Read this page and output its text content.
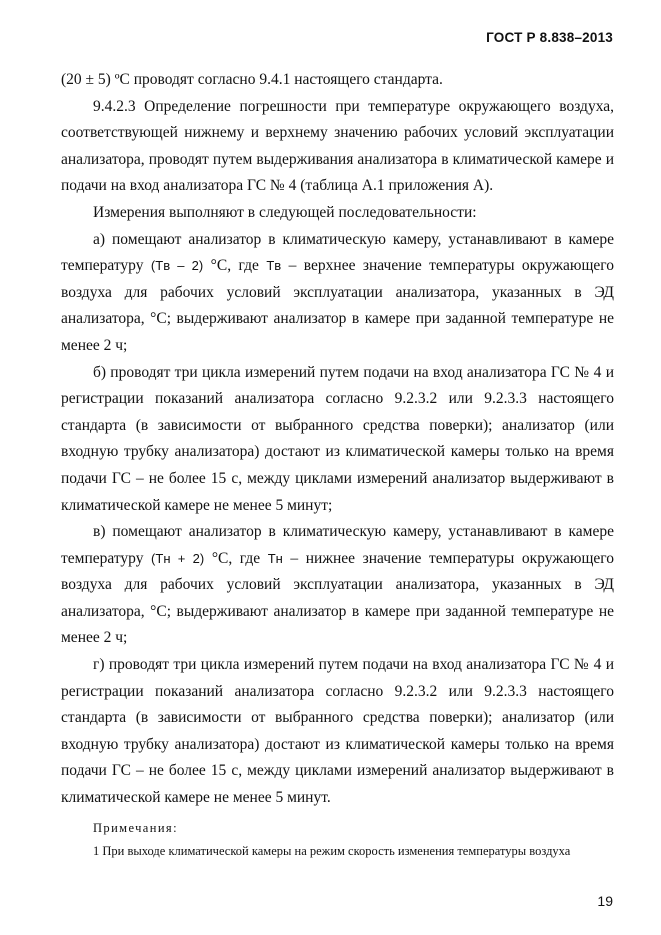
ГОСТ Р 8.838–2013

(20 ± 5) ºС проводят согласно 9.4.1 настоящего стандарта.

9.4.2.3 Определение погрешности при температуре окружающего воздуха, соответствующей нижнему и верхнему значению рабочих условий эксплуатации анализатора, проводят путем выдерживания анализатора в климатической камере и подачи на вход анализатора ГС № 4 (таблица А.1 приложения А).

Измерения выполняют в следующей последовательности:

а) помещают анализатор в климатическую камеру, устанавливают в камере температуру (Tв – 2) °С, где Tв – верхнее значение температуры окружающего воздуха для рабочих условий эксплуатации анализатора, указанных в ЭД анализатора, °С; выдерживают анализатор в камере при заданной температуре не менее 2 ч;

б) проводят три цикла измерений путем подачи на вход анализатора ГС № 4 и регистрации показаний анализатора согласно 9.2.3.2 или 9.2.3.3 настоящего стандарта (в зависимости от выбранного средства поверки); анализатор (или входную трубку анализатора) достают из климатической камеры только на время подачи ГС – не более 15 с, между циклами измерений анализатор выдерживают в климатической камере не менее 5 минут;

в) помещают анализатор в климатическую камеру, устанавливают в камере температуру (Tн + 2) °С, где Tн – нижнее значение температуры окружающего воздуха для рабочих условий эксплуатации анализатора, указанных в ЭД анализатора, °С; выдерживают анализатор в камере при заданной температуре не менее 2 ч;

г) проводят три цикла измерений путем подачи на вход анализатора ГС № 4 и регистрации показаний анализатора согласно 9.2.3.2 или 9.2.3.3 настоящего стандарта (в зависимости от выбранного средства поверки); анализатор (или входную трубку анализатора) достают из климатической камеры только на время подачи ГС – не более 15 с, между циклами измерений анализатор выдерживают в климатической камере не менее 5 минут.

Примечания:

1 При выходе климатической камеры на режим скорость изменения температуры воздуха

19
